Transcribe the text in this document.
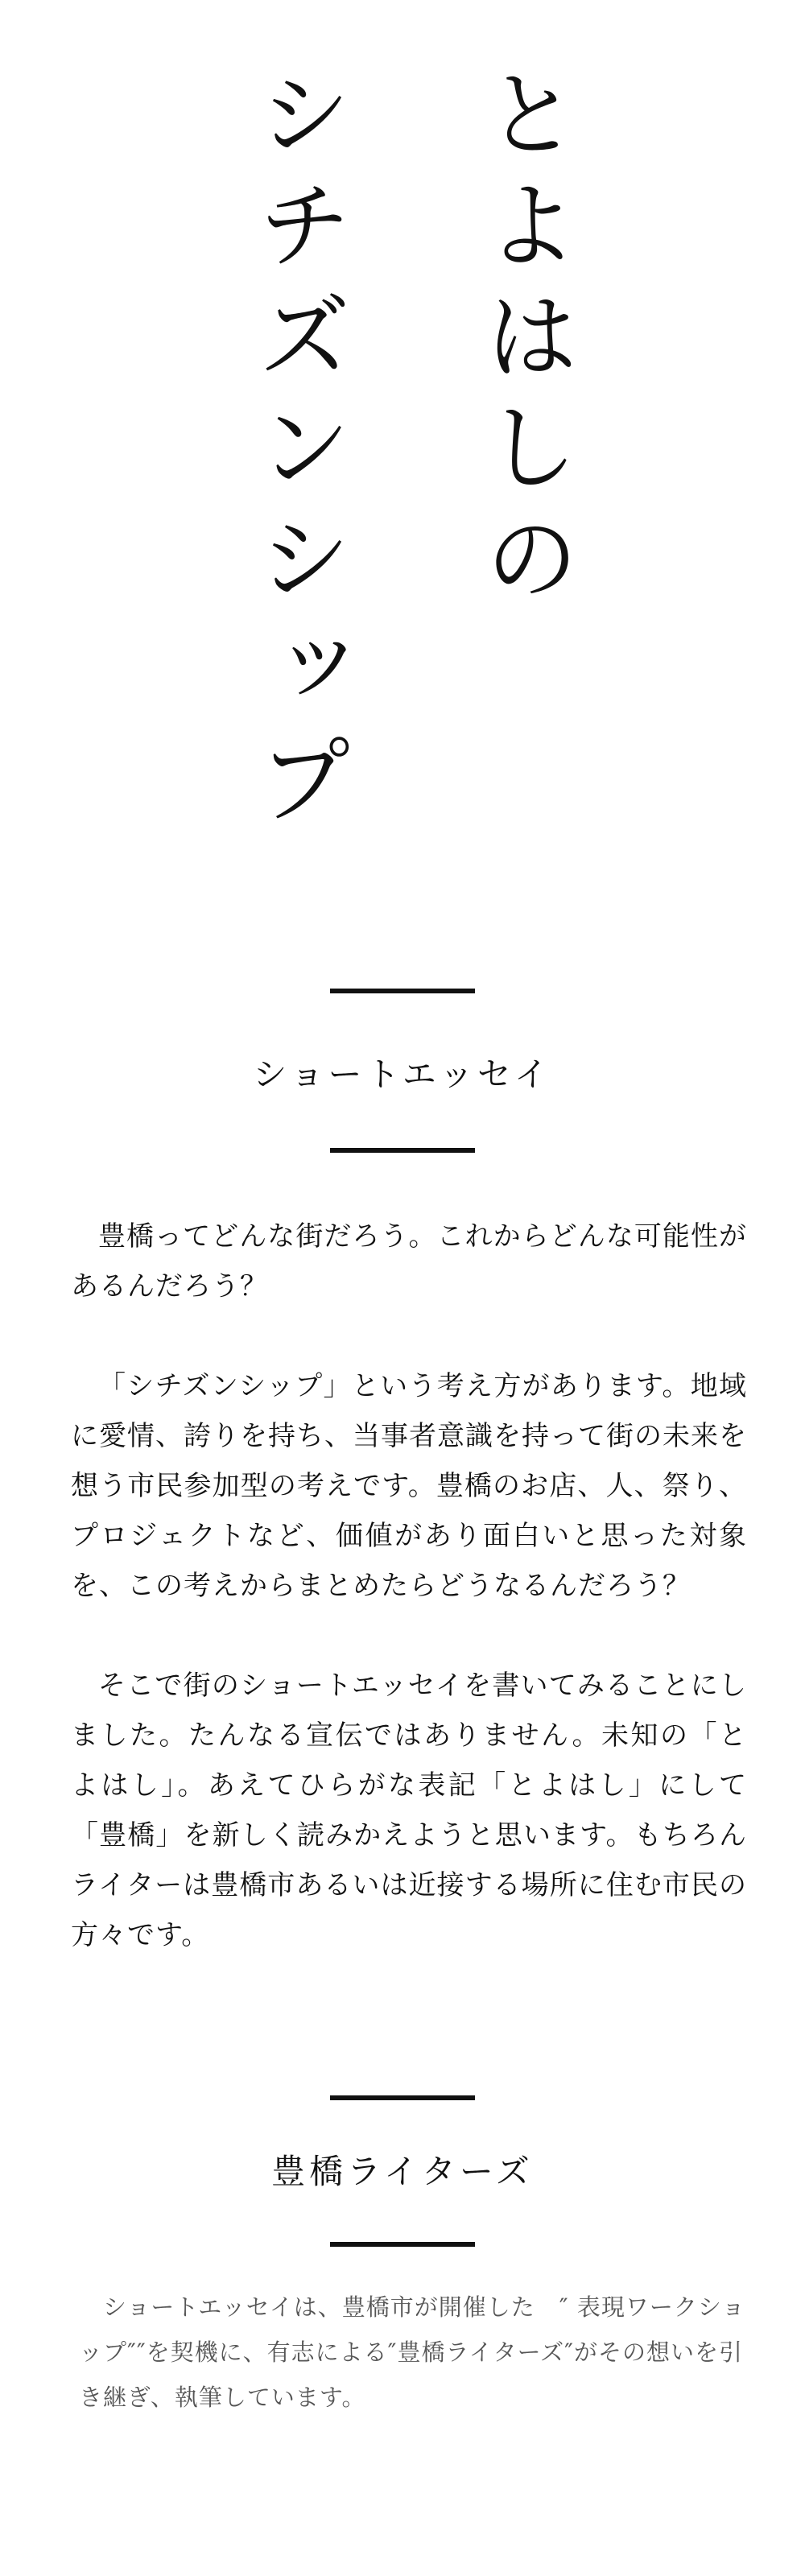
シチズンシップ とよはしの
ショートエッセイ

豊橋ってどんな街だろう。これからどんな可能性があるんだろう？

「シチズンシップ」という考え方があります。地域に愛情、誇りを持ち、当事者意識を持って街の未来を想う市民参加型の考えです。豊橋のお店、人、祭り、プロジェクトなど、価値があり面白いと思った対象を、この考えからまとめたらどうなるんだろう？

そこで街のショートエッセイを書いてみることにしました。たんなる宣伝ではありません。未知の「とよはし」。あえてひらがな表記「とよはし」にして「豊橋」を新しく読みかえようと思います。もちろんライターは豊橋市あるいは近接する場所に住む市民の方々です。

豊橋ライターズ

ショートエッセイは、豊橋市が開催した　″ 表現ワークショップ″″を契機に、有志による″豊橋ライターズ″がその想いを引き継ぎ、執筆しています。
